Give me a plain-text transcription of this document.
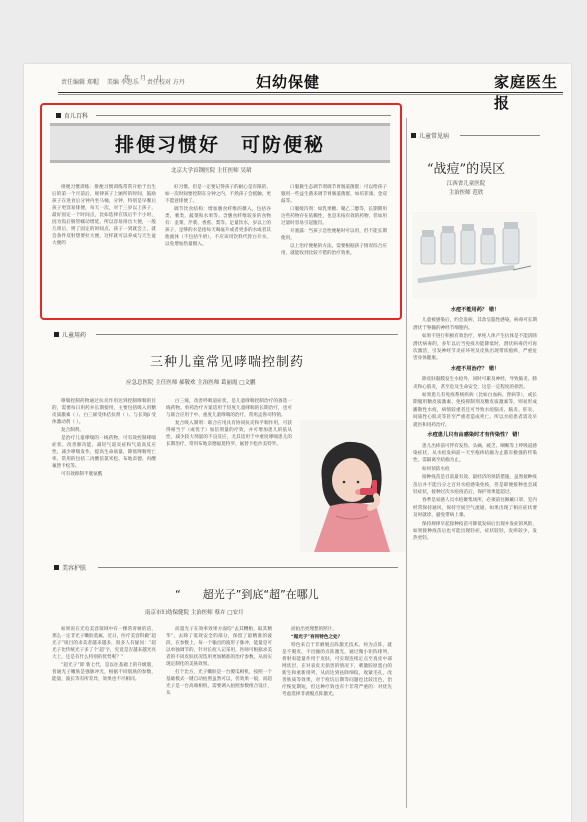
年 月 日
责任编辑 郑帽 美编 李思乐 责任校对 方丹	妇幼保健	家庭医生报
育儿百科
排便习惯好　可防便秘
北京大学首钢医院 主任医师 吴珺

排便习惯训练：排便习惯训练常常开始于出生后的第一个月前后，规律孩子上厕所的时间，鼓励孩子在进食后分钟内坐马桶，分钟，特别是早餐后孩子更容易排便，每天一次，对于三岁以上孩子，最好固定一个时间点，比如选择在饭后半个小时，因为饭后肠管蠕动增延，所以容易排出大便，一般几周后，则了固定的时间点，孩子一到就会上，就会条件反射想要拉大便，这样就可以养成与天生盆大便的

好习惯。但是一定要记得孩子的耐心是有限的，如一次时间要控制在分钟之内，不然孩子会抵触，更不愿意排便了。

调节饮食结构：增加膳食纤维的摄入，包括谷类、薯类、蔬菜和水果等。含膳食纤维较多的食物有：韭菜、芹菜、香蕉、梨等。足量饮水，岁以上的孩子，足够的水是指每天喝毫升或者更多的水或者其他液体（不包括牛奶），不应该用饮料代替白开水，以免增加热量摄入。

口服微生态调节剂调节胃肠道菌群：可以给孩子服用一些益生菌来调节胃肠道菌群，如培菲康、金双歧等。

口服缓泻剂：如乳果糖、聚乙二醇等，长期期用这些药物存在依赖性，也是未按有效的药物，但如用过量时容易引起腹泻。

开塞露：当孩子急性便秘时可以用，但不能长期使用。

以上治疗便秘的方法，需要根据孩子情况综合应用，就能收到比较不错的治疗效果。

儿童用药
三种儿童常见哮喘控制药
应急总医院 主任医师 郝敬欢 主治医师 葛丽霞 □文鹏

哮喘控制药物通过抗炎作用达到控制哮喘的目的，需要每日用药并长期使用，主要包括吸入用糖皮质激素（ ）、白三烯受体拮抗剂（ ）、与长效β 受体激动剂（ ）。

复合制剂。

是治疗儿童哮喘的一线药物，可有效控制哮喘症状、改善肺功能、减轻气道炎症和气道高反应性、减少哮喘发作，提高生命质量，降低哮喘死亡率，常用的包括二丙酸倍氯米松、布地奈德、丙酸氟替卡松等。

可有效抑制半胱氨酰

白三烯，改善呼吸道症状，是儿童哮喘控制治疗的备选一线药物。单药治疗方案适用于轻度儿童哮喘的长期治疗，也可与联合应用于中、重度儿童哮喘的治疗，常用孟鲁司特钠。

复合吸入制剂：联合应用具有协同抗炎和平喘作用，可获得相当于（或优于）加倍剂量的疗效，并可增加患儿的依从性，减少较大剂量的不良反应，尤其适用于中重度哮喘患儿的长期治疗，常用布地奈德福莫特罗、氟替卡松沙美特罗。

美容护肤
“　　超光子”到底“超”在哪儿
南京市妇幼保健院 主治医师 蔡卉 □安月

如果说在光电美容领域中有一棵常青树的话，那么一定非光子嫩肤莫属，近日，医疗美容科做“超光子”项目的求美者越来越多，很多人有疑问：“超光子比传统光子多了个‘超’字，究竟是否越来越光亮大上，还是有什么特别的优势呢？”

“超光子”即 新七代，是以往基础上的升级版，普通光子嫩肤是强脉冲光，根据不同肌肤的参数，能量，波长等有所差异，效果也不尽相同。

而超光子在效率效果方面均“去其糟粕，取其精华”，去除了低效安全的部分，保留了最精准的波段，在参数上，每一个输出的波形子脉冲，能量是可以单独调节的，针对长痘人记采用，医师可根据求美者的不同皮肤状况选用更加精准的治疗参数，从而实现定制化的美肤效果。

打个比方，光子嫩肤是一台傻瓜相机，按照一个基础模式一键自动拍照虽然可以，但效果一般，而超光子是一台高端相机，需要调入拍照参数组合设计，从

而拍出更理想的照片。

“超光子”有何特色之处？

特色来自于非磨脱点阵激光技术。何为点阵，就是不脱皮、不出痂的点阵激光，通过微小矩阵排列，将射束能量作用于皮肤，可实现连续定点至真皮中部网状层，在对表皮无损害的情况下，刺激胶原蛋白的新生和重新排列，从而达到祛除细纹，收紧毛孔，改善肤质等效果，对于痘坑后期等问题也比较出色，治疗恢复期短，但这种疗效也有个非常严重的：对优先考虑选择非剥脱点阵激光。

儿童常见病
“战痘”的误区
江西省儿童医院
主治医师 范欣

水痘不能用药？ 错！

儿童被感染后，约会发病，其余呈隐性感染，病毒可长期潜伏于脊髓的神经节细胞内。

如果不进行积极有效治疗，单纯人体产生抗体是不能清除潜伏病毒的，多年以后当免疫功能降低时，潜伏病毒仍可再次激活，引发神经节炎症坏死及皮肤出现带状疱疹，严重危害身体健康。

水痘不用治疗？ 错！

除皮肤黏膜发生水痘外，同时可累及神经，导致脑炎、肺炎和心肌炎，甚至危及生命安全，这是一定程度的损害。

如果患儿有免疫系统疾病（比如白血病、肾病等），或长期服用糖皮质激素、免疫抑制剂及糖皮质激素等，则易形成播散性水痘，病情较重者还可导致水痘脑炎、脑炎、肝炎、间质性心肌炎等甚至严重者造成死亡。所以水痘患者需及早就医和用药治疗。

水痘患儿只有由感染时才有传染性？ 错！

患儿出疹前可伴有发热、头痛、疲乏、咽喉等上呼吸道感染症状，从水痘发病前～天至疱疹结痂为止都有极强的传染性，需隔离至结痂为止。

如何预防水痘

接种疫苗是目前最有效、最经济的预防措施，虽然接种疫苗后并不能百分之百对水痘感染免疫，但是即便接种也会减轻症状，接种过次水痘疫苗后，保护效果能超过。

春季是易感人员水痘聚集场所，必须前往佩戴口罩，室内经常保持通风，保持空间空气流通，如果出现了相应症状要及时就诊，避免带病上课。

保持规律早起接种疫苗可降低发病后出现并发症的风险，如果接种疫苗后也可能出现轻症，症状较轻，皮疹较少，发热更轻。
